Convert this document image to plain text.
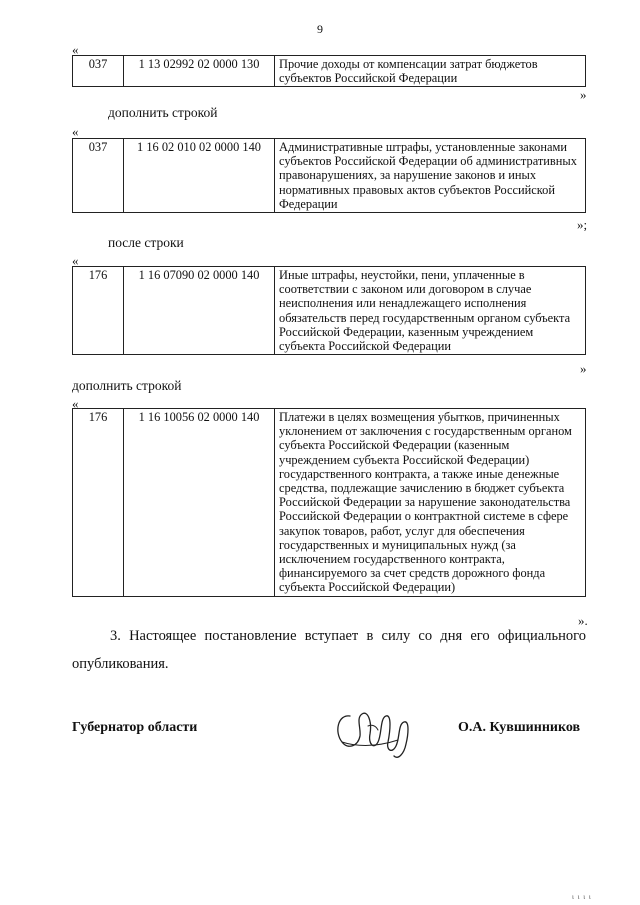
9
«
037	1 13 02992 02 0000 130	Прочие доходы от компенсации затрат бюджетов субъектов Российской Федерации
»
дополнить строкой
«
037	1 16 02 010 02 0000 140	Административные штрафы, установленные законами субъектов Российской Федерации об административных правонарушениях, за нарушение законов и иных нормативных правовых актов субъектов Российской Федерации
»;
после строки
«
176	1 16 07090 02 0000 140	Иные штрафы, неустойки, пени, уплаченные в соответствии с законом или договором в случае неисполнения или ненадлежащего исполнения обязательств перед государственным органом субъекта Российской Федерации, казенным учреждением субъекта Российской Федерации
»
дополнить строкой
«
176	1 16 10056 02 0000 140	Платежи в целях возмещения убытков, причиненных уклонением от заключения с государственным органом субъекта Российской Федерации (казенным учреждением субъекта Российской Федерации) государственного контракта, а также иные денежные средства, подлежащие зачислению в бюджет субъекта Российской Федерации за нарушение законодательства Российской Федерации о контрактной системе в сфере закупок товаров, работ, услуг для обеспечения государственных и муниципальных нужд (за исключением государственного контракта, финансируемого за счет средств дорожного фонда субъекта Российской Федерации)
».
3. Настоящее постановление вступает в силу со дня его официального опубликования.
Губернатор области	О.А. Кувшинников
ι ι ι ι
